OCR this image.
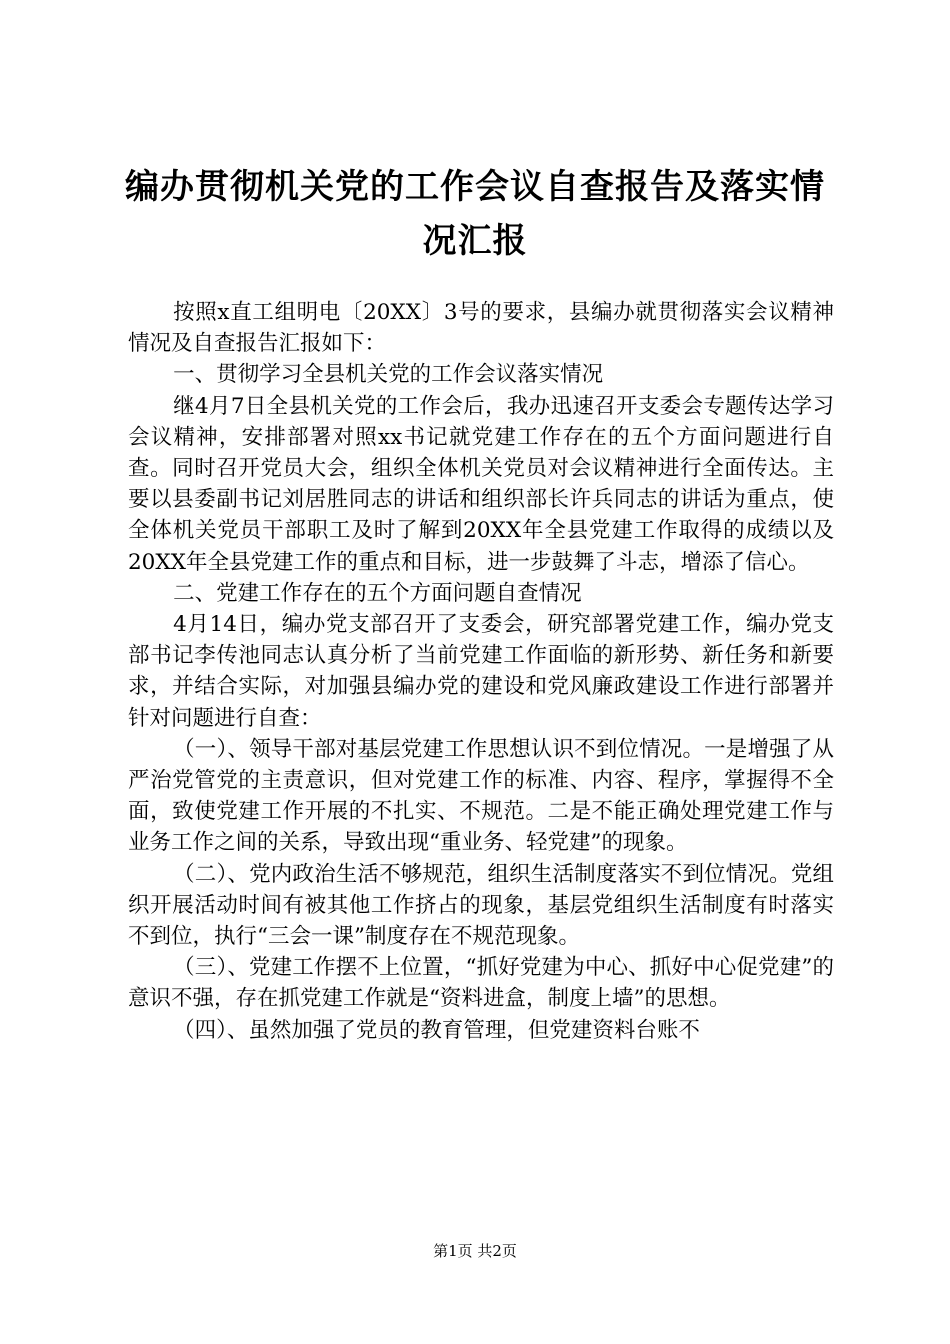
编办贯彻机关党的工作会议自查报告及落实情况汇报

按照x直工组明电〔20XX〕3号的要求，县编办就贯彻落实会议精神情况及自查报告汇报如下：

一、贯彻学习全县机关党的工作会议落实情况

继4月7日全县机关党的工作会后，我办迅速召开支委会专题传达学习会议精神，安排部署对照xx书记就党建工作存在的五个方面问题进行自查。同时召开党员大会，组织全体机关党员对会议精神进行全面传达。主要以县委副书记刘居胜同志的讲话和组织部长许兵同志的讲话为重点，使全体机关党员干部职工及时了解到20XX年全县党建工作取得的成绩以及20XX年全县党建工作的重点和目标，进一步鼓舞了斗志，增添了信心。

二、党建工作存在的五个方面问题自查情况

4月14日，编办党支部召开了支委会，研究部署党建工作，编办党支部书记李传池同志认真分析了当前党建工作面临的新形势、新任务和新要求，并结合实际，对加强县编办党的建设和党风廉政建设工作进行部署并针对问题进行自查：

（一）、领导干部对基层党建工作思想认识不到位情况。一是增强了从严治党管党的主责意识，但对党建工作的标准、内容、程序，掌握得不全面，致使党建工作开展的不扎实、不规范。二是不能正确处理党建工作与业务工作之间的关系，导致出现“重业务、轻党建”的现象。

（二）、党内政治生活不够规范，组织生活制度落实不到位情况。党组织开展活动时间有被其他工作挤占的现象，基层党组织生活制度有时落实不到位，执行“三会一课”制度存在不规范现象。

（三）、党建工作摆不上位置，“抓好党建为中心、抓好中心促党建”的意识不强，存在抓党建工作就是“资料进盒，制度上墙”的思想。

（四）、虽然加强了党员的教育管理，但党建资料台账不

第1页 共2页
